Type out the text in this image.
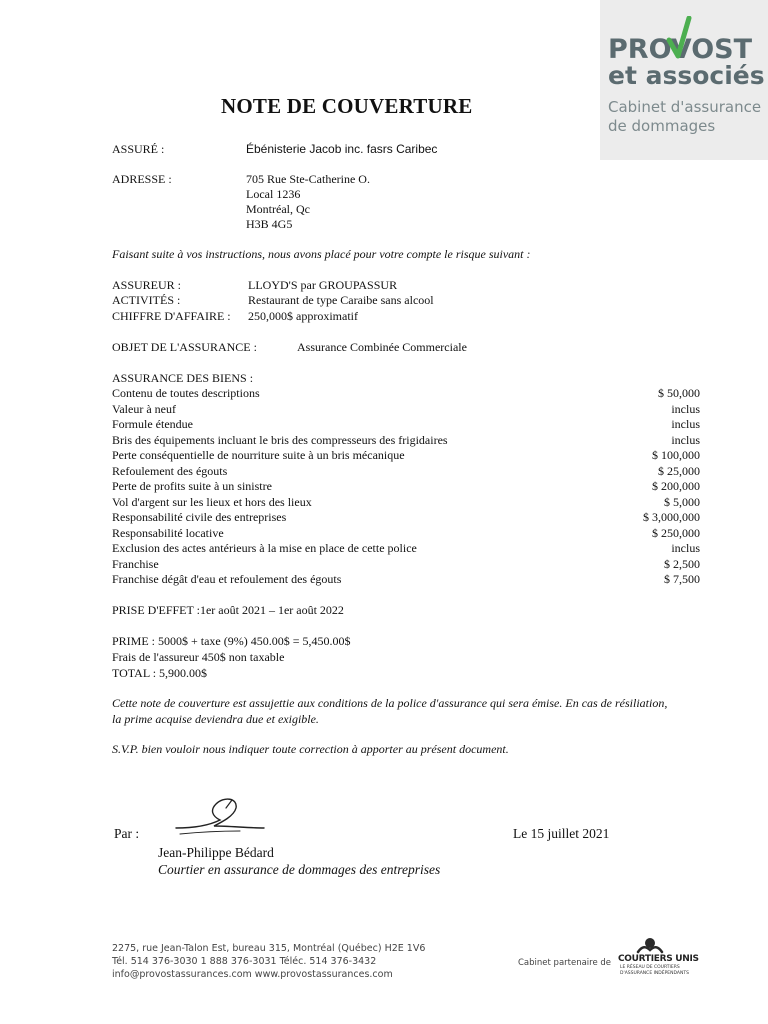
PROVOST
et associés
Cabinet d'assurance
de dommages
NOTE DE COUVERTURE
ASSURÉ :	Ébénisterie Jacob inc. fasrs Caribec
ADRESSE :	705 Rue Ste-Catherine O.
Local 1236
Montréal, Qc
H3B 4G5
Faisant suite à vos instructions, nous avons placé pour votre compte le risque suivant :
ASSUREUR :	LLOYD'S par GROUPASSUR
ACTIVITÉS :	Restaurant de type Caraibe sans alcool
CHIFFRE D'AFFAIRE : 250,000$ approximatif
OBJET DE L'ASSURANCE :	Assurance Combinée Commerciale
ASSURANCE DES BIENS :
Contenu de toutes descriptions	$ 50,000
Valeur à neuf	inclus
Formule étendue	inclus
Bris des équipements incluant le bris des compresseurs des frigidaires	inclus
Perte conséquentielle de nourriture suite à un bris mécanique	$ 100,000
Refoulement des égouts	$ 25,000
Perte de profits suite à un sinistre	$ 200,000
Vol d'argent sur les lieux et hors des lieux	$ 5,000
Responsabilité civile des entreprises	$ 3,000,000
Responsabilité locative	$ 250,000
Exclusion des actes antérieurs à la mise en place de cette police	inclus
Franchise	$ 2,500
Franchise dégât d'eau et refoulement des égouts	$ 7,500
PRISE D'EFFET :1er août 2021 – 1er août 2022
PRIME : 5000$ + taxe (9%) 450.00$ = 5,450.00$
Frais de l'assureur 450$ non taxable
TOTAL : 5,900.00$
Cette note de couverture est assujettie aux conditions de la police d'assurance qui sera émise. En cas de résiliation,
la prime acquise deviendra due et exigible.
S.V.P. bien vouloir nous indiquer toute correction à apporter au présent document.
Par :	Le 15 juillet 2021
Jean-Philippe Bédard
Courtier en assurance de dommages des entreprises
2275, rue Jean-Talon Est, bureau 315, Montréal (Québec) H2E 1V6
Tél. 514 376-3030 1 888 376-3031 Téléc. 514 376-3432
info@provostassurances.com www.provostassurances.com
Cabinet partenaire de COURTIERS UNIS
LE RÉSEAU DE COURTIERS
D'ASSURANCE INDÉPENDANTS
